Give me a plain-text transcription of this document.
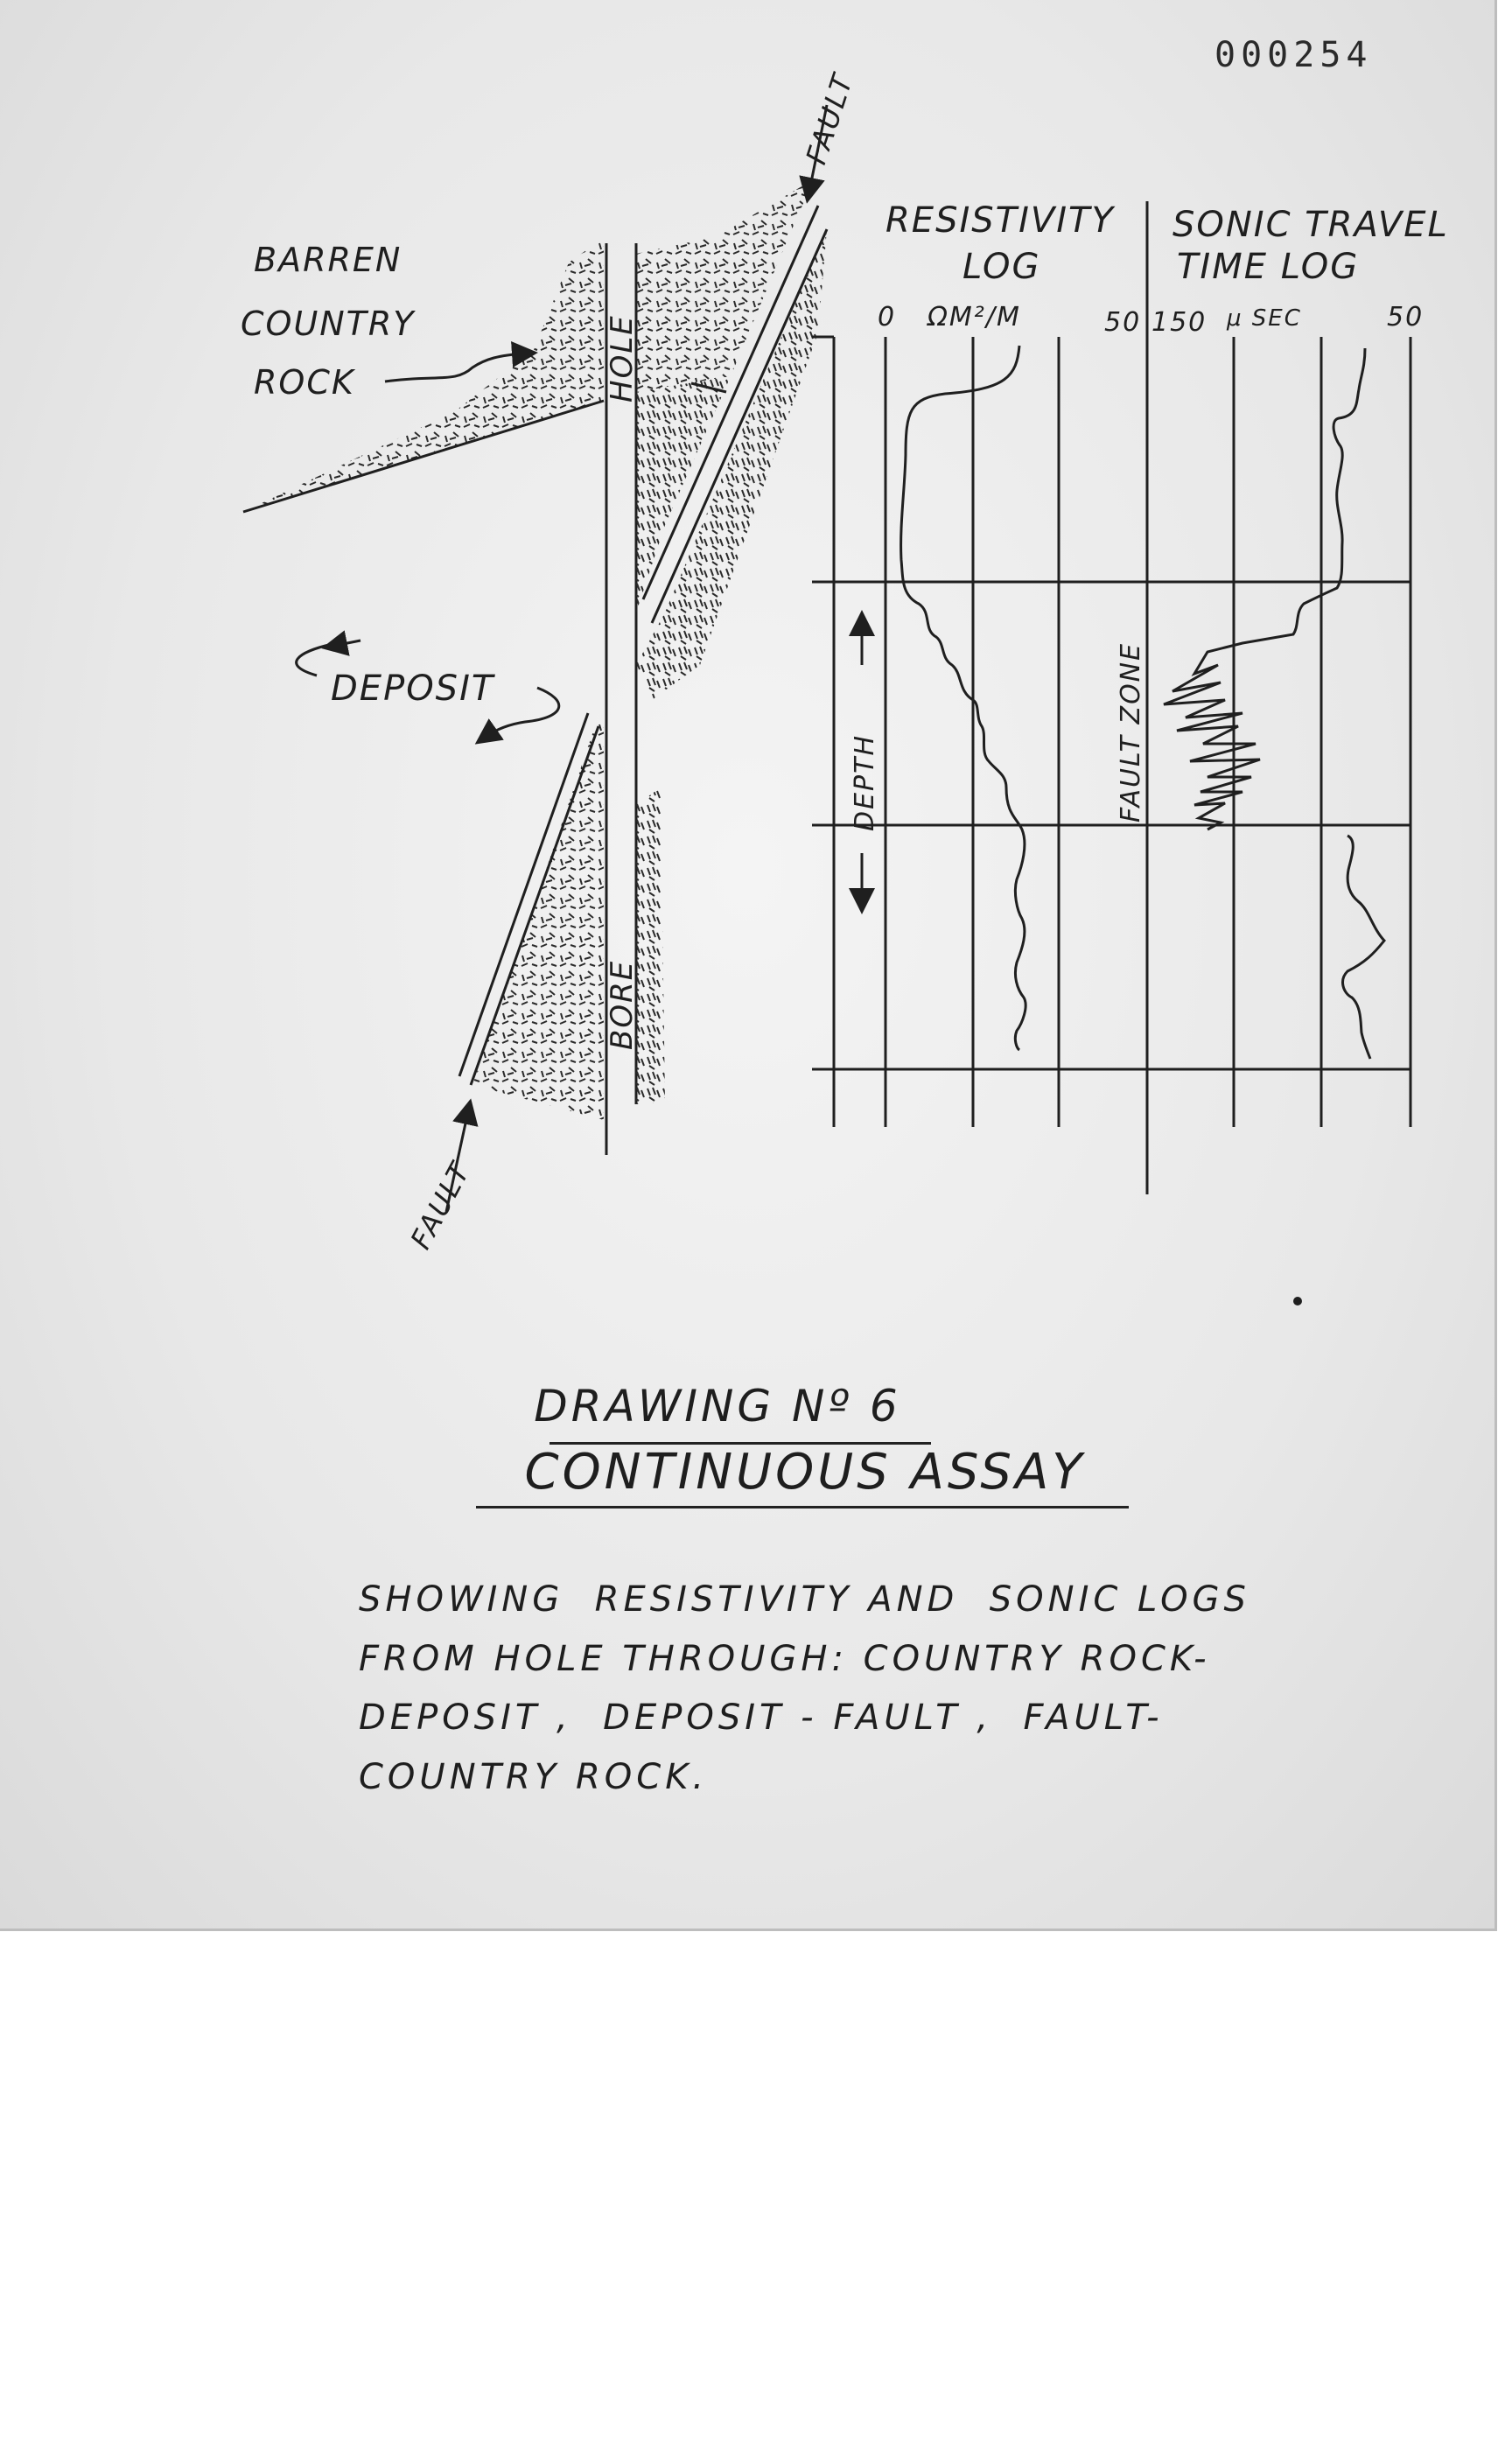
000254
BARREN
COUNTRY
ROCK
DEPOSIT
HOLE
BORE
FAULT
FAULT
RESISTIVITY
LOG
SONIC TRAVEL
TIME LOG
0 ΩM²/M	50 150 μ SEC	50
DEPTH	FAULT ZONE
DRAWING Nº 6
CONTINUOUS ASSAY
SHOWING  RESISTIVITY AND  SONIC LOGS
FROM HOLE THROUGH: COUNTRY ROCK-
DEPOSIT ,  DEPOSIT - FAULT ,  FAULT-
COUNTRY ROCK.
